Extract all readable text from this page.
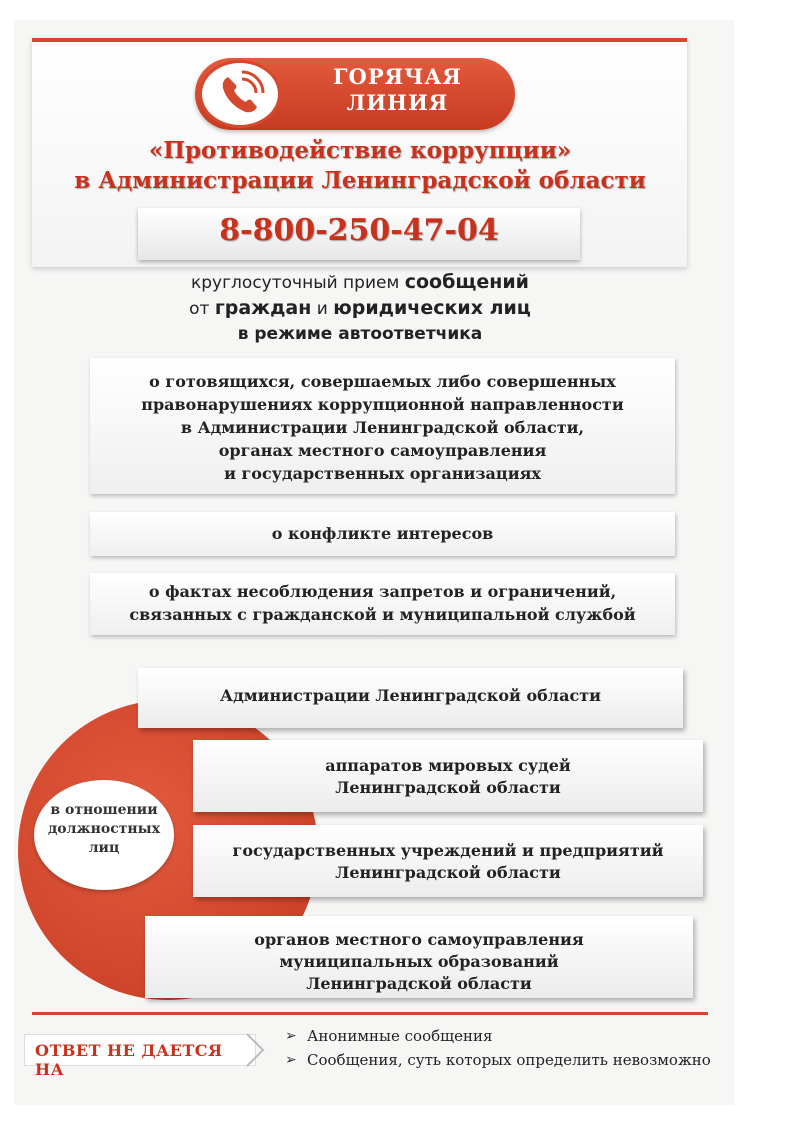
ГОРЯЧАЯ
ЛИНИЯ
«Противодействие коррупции»
в Администрации Ленинградской области
8-800-250-47-04
круглосуточный прием сообщений
от граждан и юридических лиц
в режиме автоответчика
о готовящихся, совершаемых либо совершенных
правонарушениях коррупционной направленности
в Администрации Ленинградской области,
органах местного самоуправления
и государственных организациях
о конфликте интересов
о фактах несоблюдения запретов и ограничений,
связанных с гражданской и муниципальной службой
в отношении
должностных
лиц
Администрации Ленинградской области
аппаратов мировых судей
Ленинградской области
государственных учреждений и предприятий
Ленинградской области
органов местного самоуправления
муниципальных образований
Ленинградской области
ОТВЕТ НЕ ДАЕТСЯ НА
➢ Анонимные сообщения
➢ Сообщения, суть которых определить невозможно
